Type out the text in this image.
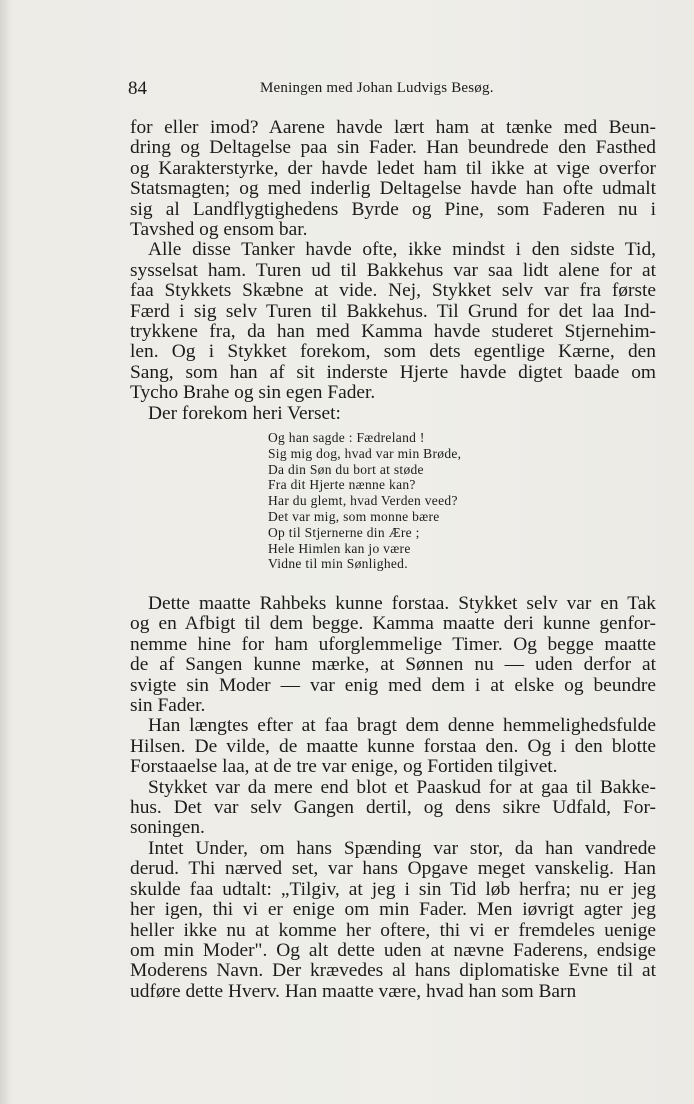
84	Meningen med Johan Ludvigs Besøg.

for eller imod? Aarene havde lært ham at tænke med Beun-

dring og Deltagelse paa sin Fader. Han beundrede den Fasthed

og Karakterstyrke, der havde ledet ham til ikke at vige overfor

Statsmagten; og med inderlig Deltagelse havde han ofte udmalt

sig al Landflygtighedens Byrde og Pine, som Faderen nu i

Tavshed og ensom bar.

Alle disse Tanker havde ofte, ikke mindst i den sidste Tid,

sysselsat ham. Turen ud til Bakkehus var saa lidt alene for at

faa Stykkets Skæbne at vide. Nej, Stykket selv var fra første

Færd i sig selv Turen til Bakkehus. Til Grund for det laa Ind-

trykkene fra, da han med Kamma havde studeret Stjernehim-

len. Og i Stykket forekom, som dets egentlige Kærne, den

Sang, som han af sit inderste Hjerte havde digtet baade om

Tycho Brahe og sin egen Fader.

Der forekom heri Verset:

Og han sagde : Fædreland !
Sig mig dog, hvad var min Brøde,
Da din Søn du bort at støde
Fra dit Hjerte nænne kan?
Har du glemt, hvad Verden veed?
Det var mig, som monne bære
Op til Stjernerne din Ære ;
Hele Himlen kan jo være
Vidne til min Sønlighed.

Dette maatte Rahbeks kunne forstaa. Stykket selv var en Tak

og en Afbigt til dem begge. Kamma maatte deri kunne genfor-

nemme hine for ham uforglemmelige Timer. Og begge maatte

de af Sangen kunne mærke, at Sønnen nu — uden derfor at

svigte sin Moder — var enig med dem i at elske og beundre

sin Fader.

Han længtes efter at faa bragt dem denne hemmelighedsfulde

Hilsen. De vilde, de maatte kunne forstaa den. Og i den blotte

Forstaaelse laa, at de tre var enige, og Fortiden tilgivet.

Stykket var da mere end blot et Paaskud for at gaa til Bakke-

hus. Det var selv Gangen dertil, og dens sikre Udfald, For-

soningen.

Intet Under, om hans Spænding var stor, da han vandrede

derud. Thi nærved set, var hans Opgave meget vanskelig. Han

skulde faa udtalt: „Tilgiv, at jeg i sin Tid løb herfra; nu er jeg

her igen, thi vi er enige om min Fader. Men iøvrigt agter jeg

heller ikke nu at komme her oftere, thi vi er fremdeles uenige

om min Moder". Og alt dette uden at nævne Faderens, endsige

Moderens Navn. Der krævedes al hans diplomatiske Evne til at

udføre dette Hverv. Han maatte være, hvad han som Barn
